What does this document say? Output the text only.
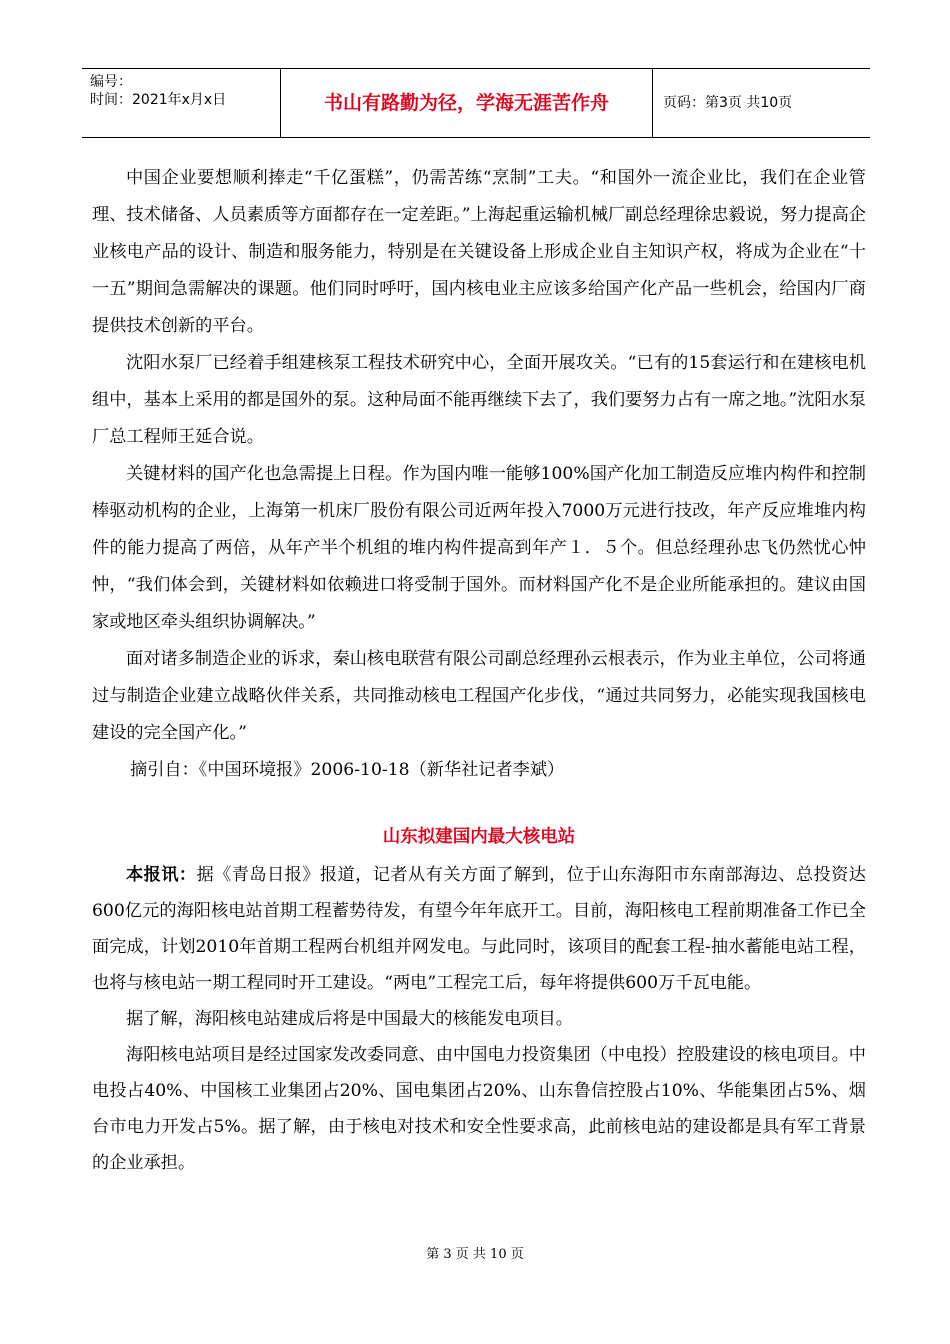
编号：
时间：2021年x月x日	书山有路勤为径，学海无涯苦作舟	页码：第3页 共10页

中国企业要想顺利捧走“千亿蛋糕”，仍需苦练“烹制”工夫。“和国外一流企业比，我们在企业管理、技术储备、人员素质等方面都存在一定差距。”上海起重运输机械厂副总经理徐忠毅说，努力提高企业核电产品的设计、制造和服务能力，特别是在关键设备上形成企业自主知识产权，将成为企业在“十一五”期间急需解决的课题。他们同时呼吁，国内核电业主应该多给国产化产品一些机会，给国内厂商提供技术创新的平台。

沈阳水泵厂已经着手组建核泵工程技术研究中心，全面开展攻关。“已有的15套运行和在建核电机组中，基本上采用的都是国外的泵。这种局面不能再继续下去了，我们要努力占有一席之地。”沈阳水泵厂总工程师王延合说。

关键材料的国产化也急需提上日程。作为国内唯一能够100%国产化加工制造反应堆内构件和控制棒驱动机构的企业，上海第一机床厂股份有限公司近两年投入7000万元进行技改，年产反应堆堆内构件的能力提高了两倍，从年产半个机组的堆内构件提高到年产１．５个。但总经理孙忠飞仍然忧心忡忡，“我们体会到，关键材料如依赖进口将受制于国外。而材料国产化不是企业所能承担的。建议由国家或地区牵头组织协调解决。”

面对诸多制造企业的诉求，秦山核电联营有限公司副总经理孙云根表示，作为业主单位，公司将通过与制造企业建立战略伙伴关系，共同推动核电工程国产化步伐，“通过共同努力，必能实现我国核电建设的完全国产化。”

摘引自：《中国环境报》2006-10-18（新华社记者李斌）

山东拟建国内最大核电站

本报讯：据《青岛日报》报道，记者从有关方面了解到，位于山东海阳市东南部海边、总投资达600亿元的海阳核电站首期工程蓄势待发，有望今年年底开工。目前，海阳核电工程前期准备工作已全面完成，计划2010年首期工程两台机组并网发电。与此同时，该项目的配套工程-抽水蓄能电站工程，也将与核电站一期工程同时开工建设。“两电”工程完工后，每年将提供600万千瓦电能。

据了解，海阳核电站建成后将是中国最大的核能发电项目。

海阳核电站项目是经过国家发改委同意、由中国电力投资集团（中电投）控股建设的核电项目。中电投占40%、中国核工业集团占20%、国电集团占20%、山东鲁信控股占10%、华能集团占5%、烟台市电力开发占5%。据了解，由于核电对技术和安全性要求高，此前核电站的建设都是具有军工背景的企业承担。

第 3 页 共 10 页
